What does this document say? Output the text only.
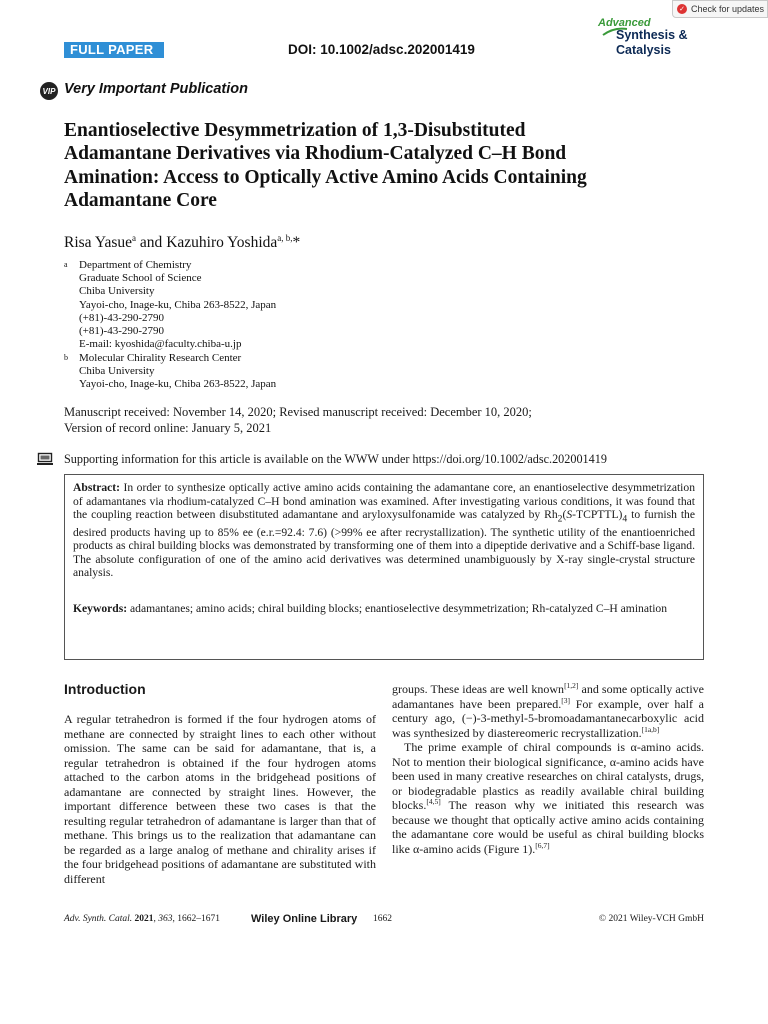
✓ Check for updates
FULL PAPER	DOI: 10.1002/adsc.202001419
Advanced
Synthesis &
Catalysis
VIP Very Important Publication
Enantioselective Desymmetrization of 1,3-Disubstituted
Adamantane Derivatives via Rhodium-Catalyzed C–H Bond
Amination: Access to Optically Active Amino Acids Containing
Adamantane Core
Risa Yasue$^a$ and Kazuhiro Yoshida$^{a, b,}$*
a Department of Chemistry
Graduate School of Science
Chiba University
Yayoi-cho, Inage-ku, Chiba 263-8522, Japan
(+81)-43-290-2790
(+81)-43-290-2790
E-mail: kyoshida@faculty.chiba-u.jp
b Molecular Chirality Research Center
Chiba University
Yayoi-cho, Inage-ku, Chiba 263-8522, Japan
Manuscript received: November 14, 2020; Revised manuscript received: December 10, 2020;
Version of record online: January 5, 2021
Supporting information for this article is available on the WWW under https://doi.org/10.1002/adsc.202001419

Abstract: In order to synthesize optically active amino acids containing the adamantane core, an enantioselective desymmetrization of adamantanes via rhodium-catalyzed C–H bond amination was examined. After investigating various conditions, it was found that the coupling reaction between disubstituted adamantane and aryloxysulfonamide was catalyzed by $Rh_2(S-TCPTTL)_4$ to furnish the desired products having up to 85% ee (e.r.=92.4: 7.6) (>99% ee after recrystallization). The synthetic utility of the enantioenriched products as chiral building blocks was demonstrated by transforming one of them into a dipeptide derivative and a Schiff-base ligand. The absolute configuration of one of the amino acid derivatives was determined unambiguously by X-ray single-crystal structure analysis.

Keywords: adamantanes; amino acids; chiral building blocks; enantioselective desymmetrization; Rh-catalyzed C–H amination

Introduction

A regular tetrahedron is formed if the four hydrogen atoms of methane are connected by straight lines to each other without omission. The same can be said for adamantane, that is, a regular tetrahedron is obtained if the four hydrogen atoms attached to the carbon atoms in the bridgehead positions of adamantane are connected by straight lines. However, the important difference between these two cases is that the resulting regular tetrahedron of adamantane is larger than that of methane. This brings us to the realization that adamantane can be regarded as a large analog of methane and chirality arises if the four bridgehead positions of adamantane are substituted with different

groups. These ideas are well known[1,2] and some optically active adamantanes have been prepared.[3] For example, over half a century ago, (−)-3-methyl-5-bromoadamantanecarboxylic acid was synthesized by diastereomeric recrystallization.[1a,b]

The prime example of chiral compounds is α-amino acids. Not to mention their biological significance, α-amino acids have been used in many creative researches on chiral catalysts, drugs, or biodegradable plastics as readily available chiral building blocks.[4,5] The reason why we initiated this research was because we thought that optically active amino acids containing the adamantane core would be useful as chiral building blocks like α-amino acids (Figure 1).[6,7]

Adv. Synth. Catal. 2021, 363, 1662–1671	Wiley Online Library 1662	© 2021 Wiley-VCH GmbH
